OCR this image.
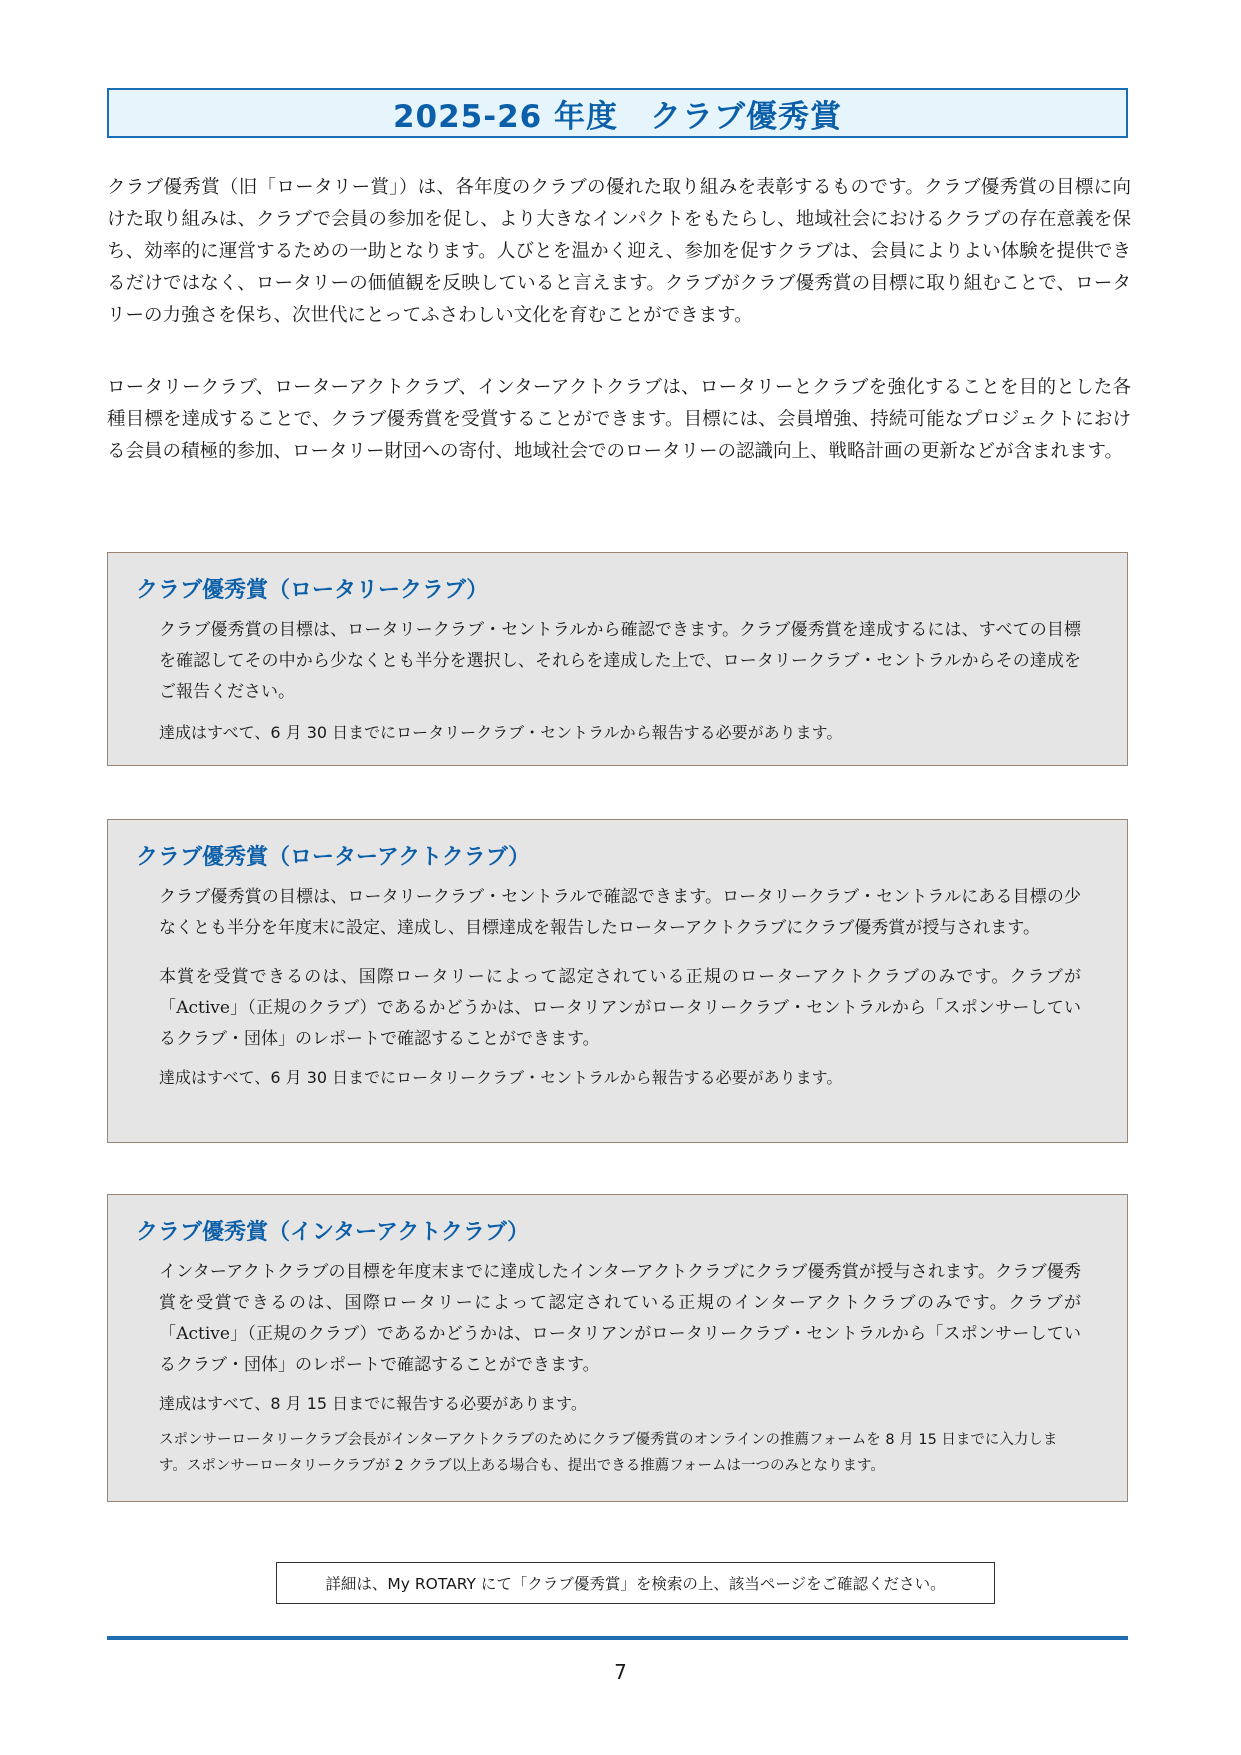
2025-26 年度　クラブ優秀賞

クラブ優秀賞（旧「ロータリー賞」）は、各年度のクラブの優れた取り組みを表彰するものです。クラブ優秀賞の目標に向けた取り組みは、クラブで会員の参加を促し、より大きなインパクトをもたらし、地域社会におけるクラブの存在意義を保ち、効率的に運営するための一助となります。人びとを温かく迎え、参加を促すクラブは、会員によりよい体験を提供できるだけではなく、ロータリーの価値観を反映していると言えます。クラブがクラブ優秀賞の目標に取り組むことで、ロータリーの力強さを保ち、次世代にとってふさわしい文化を育むことができます。

ロータリークラブ、ローターアクトクラブ、インターアクトクラブは、ロータリーとクラブを強化することを目的とした各種目標を達成することで、クラブ優秀賞を受賞することができます。目標には、会員増強、持続可能なプロジェクトにおける会員の積極的参加、ロータリー財団への寄付、地域社会でのロータリーの認識向上、戦略計画の更新などが含まれます。

クラブ優秀賞（ロータリークラブ）

クラブ優秀賞の目標は、ロータリークラブ・セントラルから確認できます。クラブ優秀賞を達成するには、すべての目標を確認してその中から少なくとも半分を選択し、それらを達成した上で、ロータリークラブ・セントラルからその達成をご報告ください。

達成はすべて、6 月 30 日までにロータリークラブ・セントラルから報告する必要があります。

クラブ優秀賞（ローターアクトクラブ）

クラブ優秀賞の目標は、ロータリークラブ・セントラルで確認できます。ロータリークラブ・セントラルにある目標の少なくとも半分を年度末に設定、達成し、目標達成を報告したローターアクトクラブにクラブ優秀賞が授与されます。

本賞を受賞できるのは、国際ロータリーによって認定されている正規のローターアクトクラブのみです。クラブが「Active」（正規のクラブ）であるかどうかは、ロータリアンがロータリークラブ・セントラルから「スポンサーしているクラブ・団体」のレポートで確認することができます。

達成はすべて、6 月 30 日までにロータリークラブ・セントラルから報告する必要があります。

クラブ優秀賞（インターアクトクラブ）

インターアクトクラブの目標を年度末までに達成したインターアクトクラブにクラブ優秀賞が授与されます。クラブ優秀賞を受賞できるのは、国際ロータリーによって認定されている正規のインターアクトクラブのみです。クラブが「Active」（正規のクラブ）であるかどうかは、ロータリアンがロータリークラブ・セントラルから「スポンサーしているクラブ・団体」のレポートで確認することができます。

達成はすべて、8 月 15 日までに報告する必要があります。

スポンサーロータリークラブ会長がインターアクトクラブのためにクラブ優秀賞のオンラインの推薦フォームを 8 月 15 日までに入力します。スポンサーロータリークラブが 2 クラブ以上ある場合も、提出できる推薦フォームは一つのみとなります。

詳細は、My ROTARY にて「クラブ優秀賞」を検索の上、該当ページをご確認ください。
7
